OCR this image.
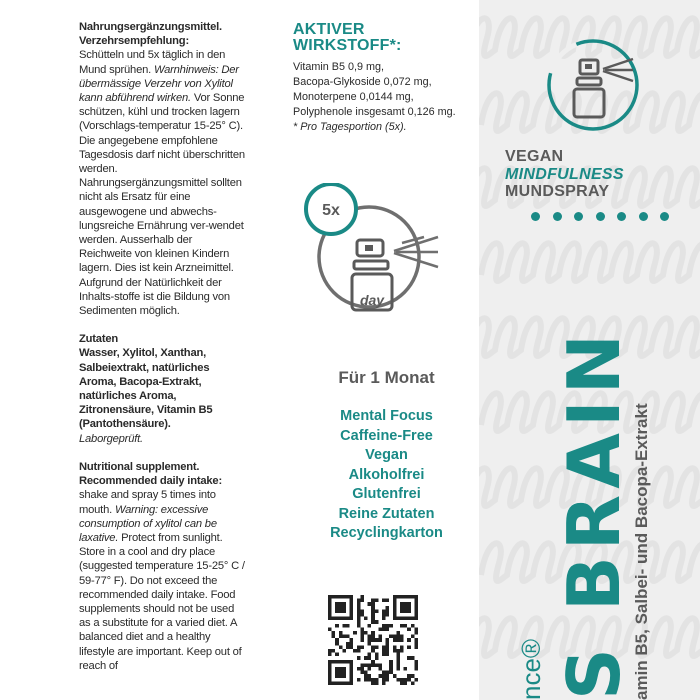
Nahrungsergänzungsmittel.
Verzehrsempfehlung:
Schütteln und 5x täglich in den Mund sprühen. Warnhinweis: Der übermässige Verzehr von Xylitol kann abführend wirken. Vor Sonne schützen, kühl und trocken lagern (Vorschlags-temperatur 15-25° C). Die angegebene empfohlene Tagesdosis darf nicht überschritten werden. Nahrungsergänzungsmittel sollten nicht als Ersatz für eine ausgewogene und abwechs-lungsreiche Ernährung ver-wendet werden. Ausserhalb der Reichweite von kleinen Kindern lagern. Dies ist kein Arzneimittel. Aufgrund der Natürlichkeit der Inhalts-stoffe ist die Bildung von Sedimenten möglich.

Zutaten
Wasser, Xylitol, Xanthan, Salbeiextrakt, natürliches Aroma, Bacopa-Extrakt, natürliches Aroma, Zitronensäure, Vitamin B5 (Pantothensäure).
Laborgeprüft.

Nutritional supplement.
Recommended daily intake:
shake and spray 5 times into mouth. Warning: excessive consumption of xylitol can be laxative. Protect from sunlight. Store in a cool and dry place (suggested temperature 15-25° C / 59-77° F). Do not exceed the recommended daily intake. Food supplements should not be used as a substitute for a varied diet. A balanced diet and a healthy lifestyle are important. Keep out of reach of

AKTIVER
WIRKSTOFF*:
Vitamin B5 0,9 mg,
Bacopa-Glykoside 0,072 mg,
Monoterpene 0,0144 mg,
Polyphenole insgesamt 0,126 mg.
* Pro Tagesportion (5x).
5x
day
Für 1 Monat
Mental Focus
Caffeine-Free
Vegan
Alkoholfrei
Glutenfrei
Reine Zutaten
Recyclingkarton
VEGAN
MINDFULNESS
MUNDSPRAY
nce® S BRAIN
amin B5, Salbei- und Bacopa-Extrakt
